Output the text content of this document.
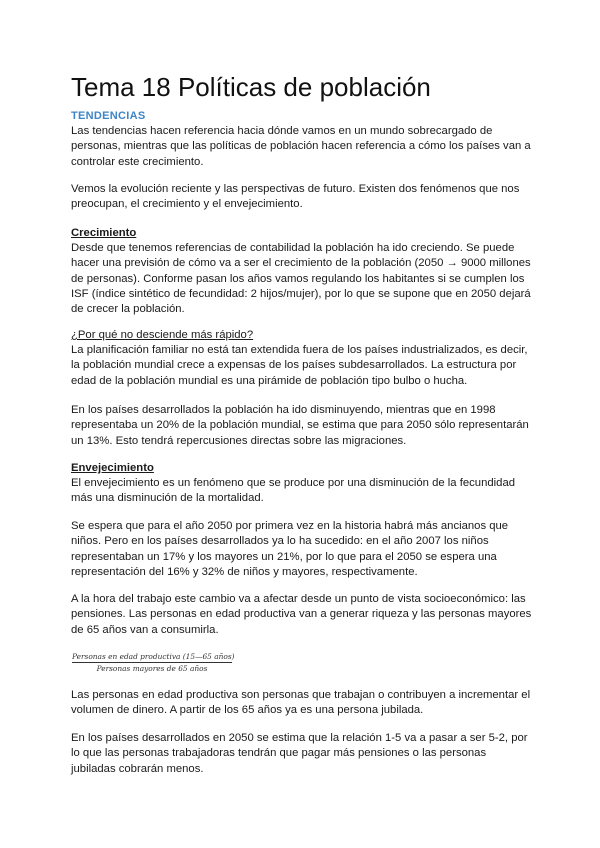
Tema 18 Políticas de población
TENDENCIAS

Las tendencias hacen referencia hacia dónde vamos en un mundo sobrecargado de personas, mientras que las políticas de población hacen referencia a cómo los países van a controlar este crecimiento.

Vemos la evolución reciente y las perspectivas de futuro. Existen dos fenómenos que nos preocupan, el crecimiento y el envejecimiento.

Crecimiento

Desde que tenemos referencias de contabilidad la población ha ido creciendo. Se puede hacer una previsión de cómo va a ser el crecimiento de la población (2050 → 9000 millones de personas). Conforme pasan los años vamos regulando los habitantes si se cumplen los ISF (índice sintético de fecundidad: 2 hijos/mujer), por lo que se supone que en 2050 dejará de crecer la población.

¿Por qué no desciende más rápido?

La planificación familiar no está tan extendida fuera de los países industrializados, es decir, la población mundial crece a expensas de los países subdesarrollados. La estructura por edad de la población mundial es una pirámide de población tipo bulbo o hucha.

En los países desarrollados la población ha ido disminuyendo, mientras que en 1998 representaba un 20% de la población mundial, se estima que para 2050 sólo representarán un 13%. Esto tendrá repercusiones directas sobre las migraciones.

Envejecimiento

El envejecimiento es un fenómeno que se produce por una disminución de la fecundidad más una disminución de la mortalidad.

Se espera que para el año 2050 por primera vez en la historia habrá más ancianos que niños. Pero en los países desarrollados ya lo ha sucedido: en el año 2007 los niños representaban un 17% y los mayores un 21%, por lo que para el 2050 se espera una representación del 16% y 32% de niños y mayores, respectivamente.

A la hora del trabajo este cambio va a afectar desde un punto de vista socioeconómico: las pensiones. Las personas en edad productiva van a generar riqueza y las personas mayores de 65 años van a consumirla.

Personas en edad productiva (15—65 años)
Personas mayores de 65 años

Las personas en edad productiva son personas que trabajan o contribuyen a incrementar el volumen de dinero. A partir de los 65 años ya es una persona jubilada.

En los países desarrollados en 2050 se estima que la relación 1-5 va a pasar a ser 5-2, por lo que las personas trabajadoras tendrán que pagar más pensiones o las personas jubiladas cobrarán menos.
